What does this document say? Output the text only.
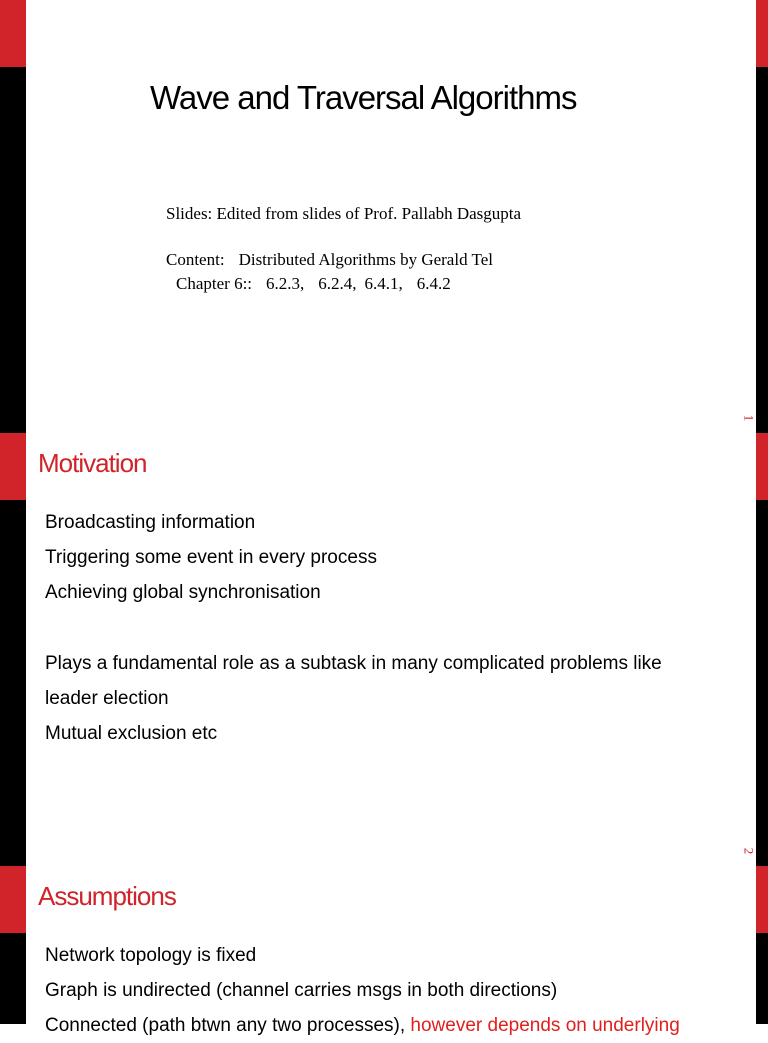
Wave and Traversal Algorithms
Slides: Edited from slides of Prof. Pallabh Dasgupta
Content: Distributed Algorithms by Gerald Tel
Chapter 6:: 6.2.3, 6.2.4, 6.4.1, 6.4.2
1
Motivation
Broadcasting information
Triggering some event in every process
Achieving global synchronisation
Plays a fundamental role as a subtask in many complicated problems like
leader election
Mutual exclusion etc
2
Assumptions
Network topology is fixed
Graph is undirected (channel carries msgs in both directions)
Connected (path btwn any two processes), however depends on underlying
